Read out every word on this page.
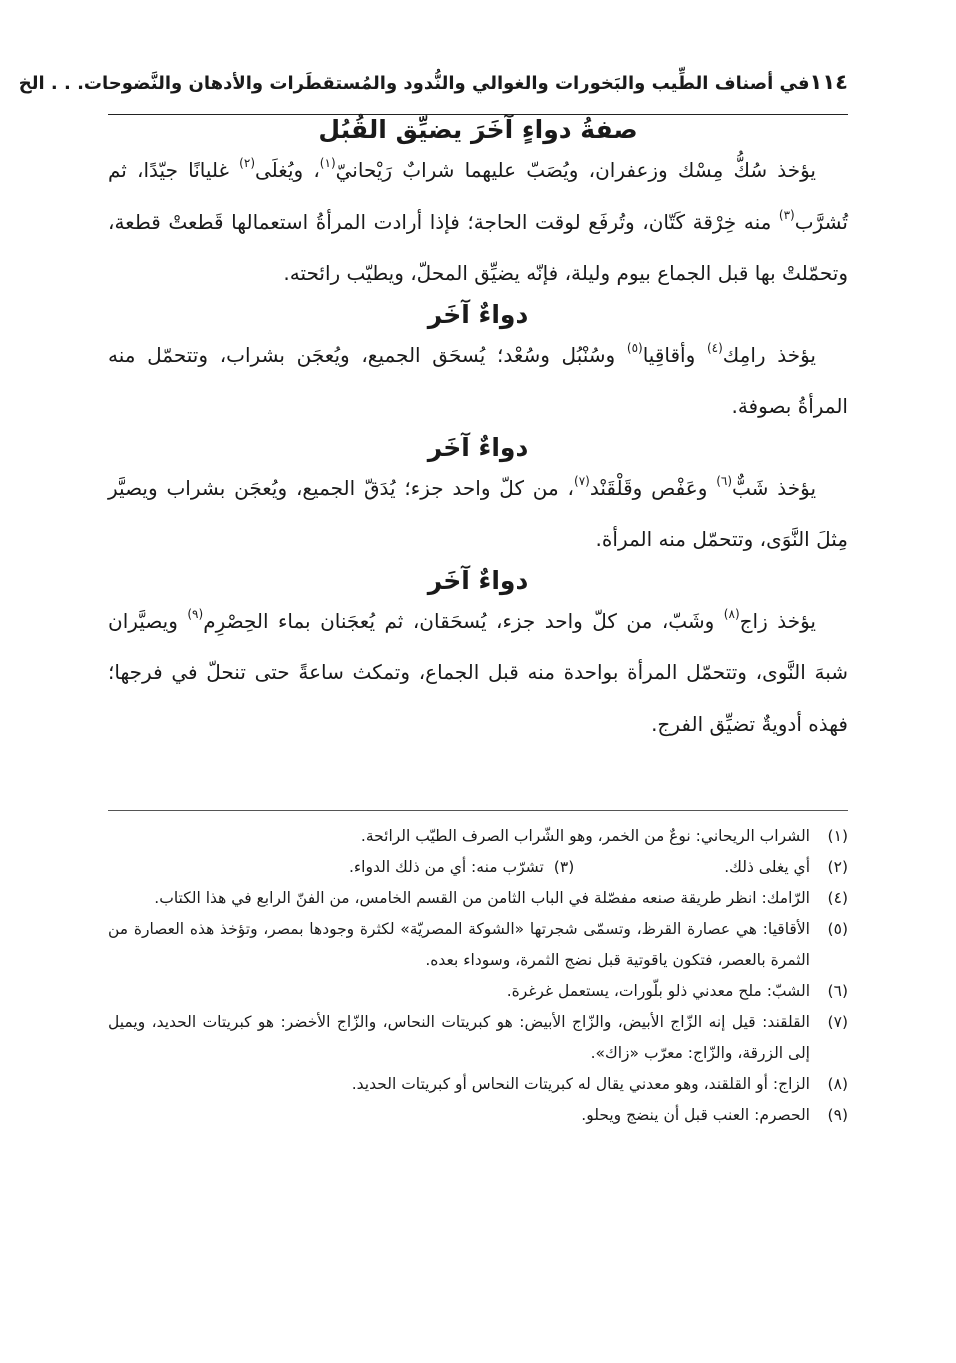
١١٤
في أصناف الطِّيب والبَخورات والغوالي والنُّدود والمُستقطَرات والأدهان والنَّضوحات. . . الخ
صفةُ دواءٍ آخَرَ يضيِّق القُبُل

يؤخذ سُكُّ مِسْك وزعفران، ويُصَبّ عليهما شرابٌ رَيْحانيّ$^{(١)}$، ويُغلَى$^{(٢)}$ غليانًا جيّدًا، ثم تُشرَّب$^{(٣)}$ منه خِرْقة كَتّان، وتُرفَع لوقت الحاجة؛ فإذا أرادت المرأةُ استعمالها قَطعتْ قطعة، وتحمّلتْ بها قبل الجماع بيوم وليلة، فإنّه يضيِّق المحلّ، ويطيّب رائحته.

دواءٌ آخَر

يؤخذ رامِك$^{(٤)}$ وأقاقِيا$^{(٥)}$ وسُنْبُل وسُعْد؛ يُسحَق الجميع، ويُعجَن بشراب، وتتحمّل منه المرأةُ بصوفة.

دواءٌ آخَر

يؤخذ شَبٌّ$^{(٦)}$ وعَفْص وقَلْقَنْد$^{(٧)}$، من كلّ واحد جزء؛ يُدَقّ الجميع، ويُعجَن بشراب ويصيَّر مِثلَ النَّوَى، وتتحمّل منه المرأة.

دواءٌ آخَر

يؤخذ زاج$^{(٨)}$ وشَبّ، من كلّ واحد جزء، يُسحَقان، ثم يُعجَنان بماء الحِصْرِم$^{(٩)}$ ويصيَّران شبهَ النَّوى، وتتحمّل المرأة بواحدة منه قبل الجماع، وتمكث ساعةً حتى تنحلّ في فرجها؛ فهذه أدويةٌ تضيِّق الفرج.

(١)
الشراب الريحاني: نوعٌ من الخمر، وهو الشّراب الصرف الطيّب الرائحة.
(٢)
أي يغلى ذلك.(٣)تشرّب منه: أي من ذلك الدواء.
(٤)
الرّامك: انظر طريقة صنعه مفصّلة في الباب الثامن من القسم الخامس، من الفنّ الرابع في هذا الكتاب.
(٥)
الأقاقيا: هي عصارة القرظ، وتسمّى شجرتها «الشوكة المصريّة» لكثرة وجودها بمصر، وتؤخذ هذه العصارة من الثمرة بالعصر، فتكون ياقوتية قبل نضج الثمرة، وسوداء بعده.
(٦)
الشبّ: ملح معدني ذلو بلّورات، يستعمل غرغرة.
(٧)
القلقند: قيل إنه الزّاج الأبيض، والزّاج الأبيض: هو كبريتات النحاس، والزّاج الأخضر: هو كبريتات الحديد، ويميل إلى الزرقة، والزّاج: معرّب «زاك».
(٨)
الزاج: أو القلقند، وهو معدني يقال له كبريتات النحاس أو كبريتات الحديد.
(٩)
الحصرم: العنب قبل أن ينضج ويحلو.
